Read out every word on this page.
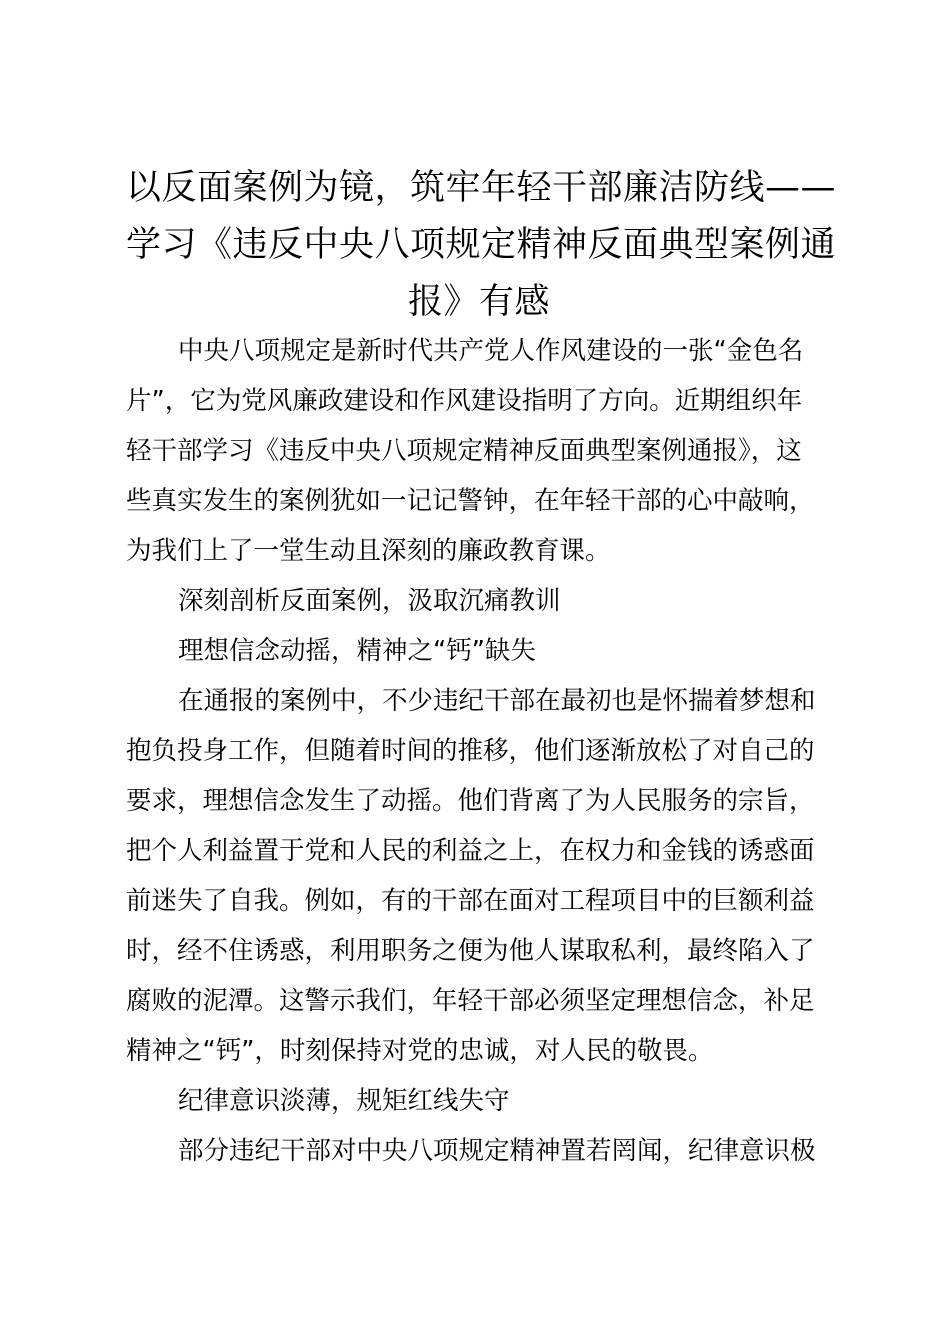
以反面案例为镜，筑牢年轻干部廉洁防线——
学习《违反中央八项规定精神反面典型案例通
报》有感
中央八项规定是新时代共产党人作风建设的一张“金色名
片”，它为党风廉政建设和作风建设指明了方向。近期组织年
轻干部学习《违反中央八项规定精神反面典型案例通报》，这
些真实发生的案例犹如一记记警钟，在年轻干部的心中敲响，
为我们上了一堂生动且深刻的廉政教育课。
深刻剖析反面案例，汲取沉痛教训
理想信念动摇，精神之“钙”缺失
在通报的案例中，不少违纪干部在最初也是怀揣着梦想和
抱负投身工作，但随着时间的推移，他们逐渐放松了对自己的
要求，理想信念发生了动摇。他们背离了为人民服务的宗旨，
把个人利益置于党和人民的利益之上，在权力和金钱的诱惑面
前迷失了自我。例如，有的干部在面对工程项目中的巨额利益
时，经不住诱惑，利用职务之便为他人谋取私利，最终陷入了
腐败的泥潭。这警示我们，年轻干部必须坚定理想信念，补足
精神之“钙”，时刻保持对党的忠诚，对人民的敬畏。
纪律意识淡薄，规矩红线失守
部分违纪干部对中央八项规定精神置若罔闻，纪律意识极
